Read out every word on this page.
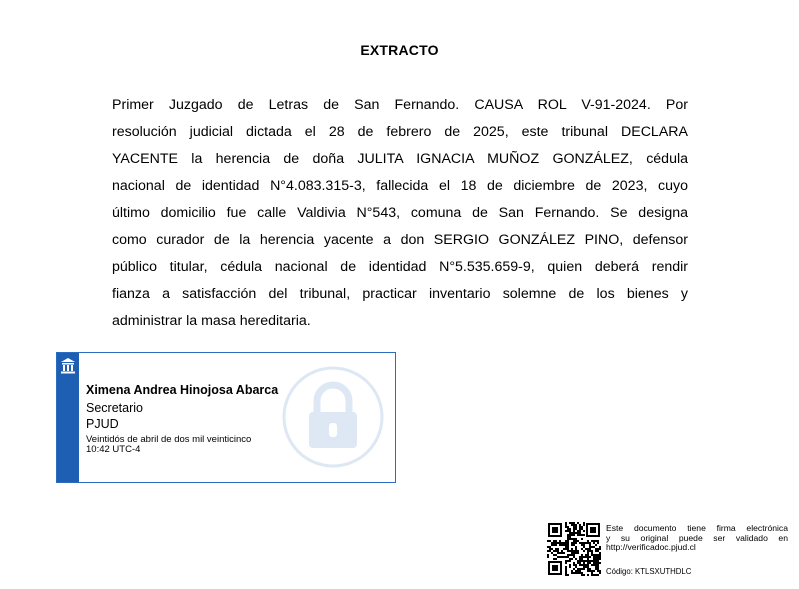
EXTRACTO
Primer Juzgado de Letras de San Fernando. CAUSA ROL V-91-2024. Por
resolución judicial dictada el 28 de febrero de 2025, este tribunal DECLARA
YACENTE la herencia de doña JULITA IGNACIA MUÑOZ GONZÁLEZ, cédula
nacional de identidad N°4.083.315-3, fallecida el 18 de diciembre de 2023, cuyo
último domicilio fue calle Valdivia N°543, comuna de San Fernando. Se designa
como curador de la herencia yacente a don SERGIO GONZÁLEZ PINO, defensor
público titular, cédula nacional de identidad N°5.535.659-9, quien deberá rendir
fianza a satisfacción del tribunal, practicar inventario solemne de los bienes y
administrar la masa hereditaria.
Ximena Andrea Hinojosa Abarca
Secretario
PJUD
Veintidós de abril de dos mil veinticinco
10:42 UTC-4
Este documento tiene firma electrónica
y su original puede ser validado en
http://verificadoc.pjud.cl
Código: KTLSXUTHDLC
